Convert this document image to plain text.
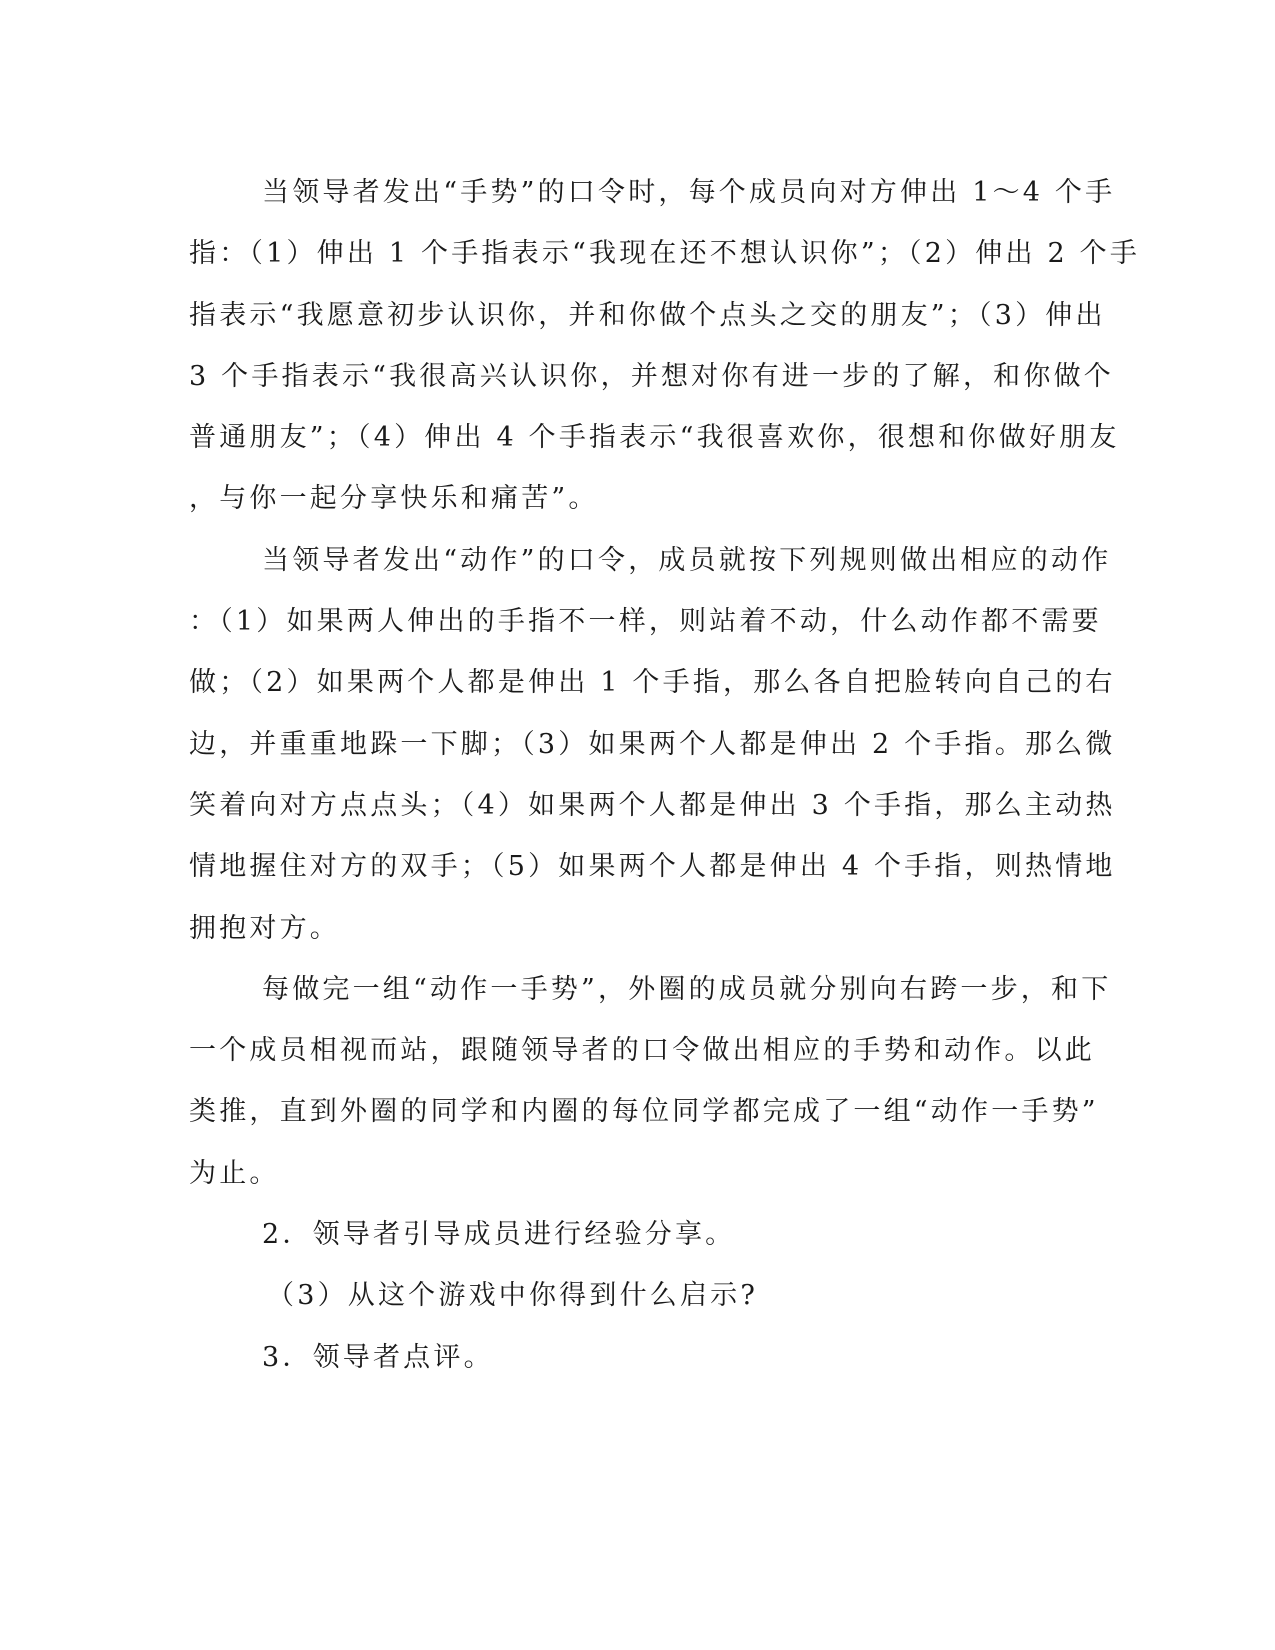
当领导者发出“手势”的口令时，每个成员向对方伸出 1～4 个手
指：（1）伸出 1 个手指表示“我现在还不想认识你”；（2）伸出 2 个手
指表示“我愿意初步认识你，并和你做个点头之交的朋友”；（3）伸出
3 个手指表示“我很高兴认识你，并想对你有进一步的了解，和你做个
普通朋友”；（4）伸出 4 个手指表示“我很喜欢你，很想和你做好朋友
，与你一起分享快乐和痛苦”。
当领导者发出“动作”的口令，成员就按下列规则做出相应的动作
：（1）如果两人伸出的手指不一样，则站着不动，什么动作都不需要
做；（2）如果两个人都是伸出 1 个手指，那么各自把脸转向自己的右
边，并重重地跺一下脚；（3）如果两个人都是伸出 2 个手指。那么微
笑着向对方点点头；（4）如果两个人都是伸出 3 个手指，那么主动热
情地握住对方的双手；（5）如果两个人都是伸出 4 个手指，则热情地
拥抱对方。
每做完一组“动作一手势”，外圈的成员就分别向右跨一步，和下
一个成员相视而站，跟随领导者的口令做出相应的手势和动作。以此
类推，直到外圈的同学和内圈的每位同学都完成了一组“动作一手势”
为止。
2．领导者引导成员进行经验分享。
（3）从这个游戏中你得到什么启示?
3．领导者点评。
